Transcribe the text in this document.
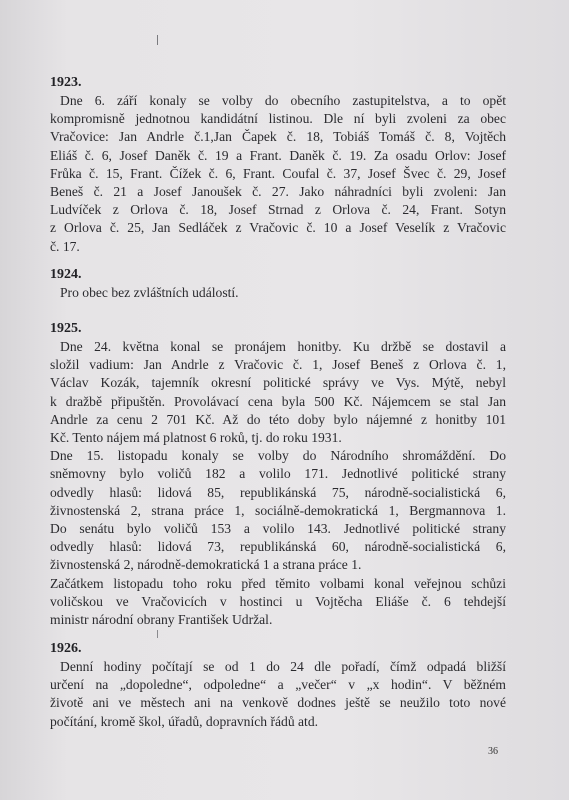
1923.

Dne 6. září konaly se volby do obecního zastupitelstva, a to opět
kompromisně jednotnou kandidátní listinou. Dle ní byli zvoleni za obec
Vračovice: Jan Andrle č.1,Jan Čapek č. 18, Tobiáš Tomáš č. 8, Vojtěch
Eliáš č. 6, Josef Daněk č. 19 a Frant. Daněk č. 19. Za osadu Orlov: Josef
Frůka č. 15, Frant. Čížek č. 6, Frant. Coufal č. 37, Josef Švec č. 29, Josef
Beneš č. 21 a Josef Janoušek č. 27. Jako náhradníci byli zvoleni: Jan
Ludvíček z Orlova č. 18, Josef Strnad z Orlova č. 24, Frant. Sotyn
z Orlova č. 25, Jan Sedláček z Vračovic č. 10 a Josef Veselík z Vračovic
č. 17.

1924.

Pro obec bez zvláštních událostí.

1925.

Dne 24. května konal se pronájem honitby. Ku držbě se dostavil a
složil vadium: Jan Andrle z Vračovic č. 1, Josef Beneš z Orlova č. 1,
Václav Kozák, tajemník okresní politické správy ve Vys. Mýtě, nebyl
k dražbě připuštěn. Provolávací cena byla 500 Kč. Nájemcem se stal Jan
Andrle za cenu 2 701 Kč. Až do této doby bylo nájemné z honitby 101
Kč. Tento nájem má platnost 6 roků, tj. do roku 1931.
Dne 15. listopadu konaly se volby do Národního shromáždění. Do
sněmovny bylo voličů 182 a volilo 171. Jednotlivé politické strany
odvedly hlasů: lidová 85, republikánská 75, národně-socialistická 6,
živnostenská 2, strana práce 1, sociálně-demokratická 1, Bergmannova 1.
Do senátu bylo voličů 153 a volilo 143. Jednotlivé politické strany
odvedly hlasů: lidová 73, republikánská 60, národně-socialistická 6,
živnostenská 2, národně-demokratická 1 a strana práce 1.
Začátkem listopadu toho roku před těmito volbami konal veřejnou schůzi
voličskou ve Vračovicích v hostinci u Vojtěcha Eliáše č. 6 tehdejší
ministr národní obrany František Udržal.

1926.

Denní hodiny počítají se od 1 do 24 dle pořadí, čímž odpadá bližší
určení na „dopoledne“, odpoledne“ a „večer“ v „x hodin“. V běžném
životě ani ve městech ani na venkově dodnes ještě se neužilo toto nové
počítání, kromě škol, úřadů, dopravních řádů atd.
36
